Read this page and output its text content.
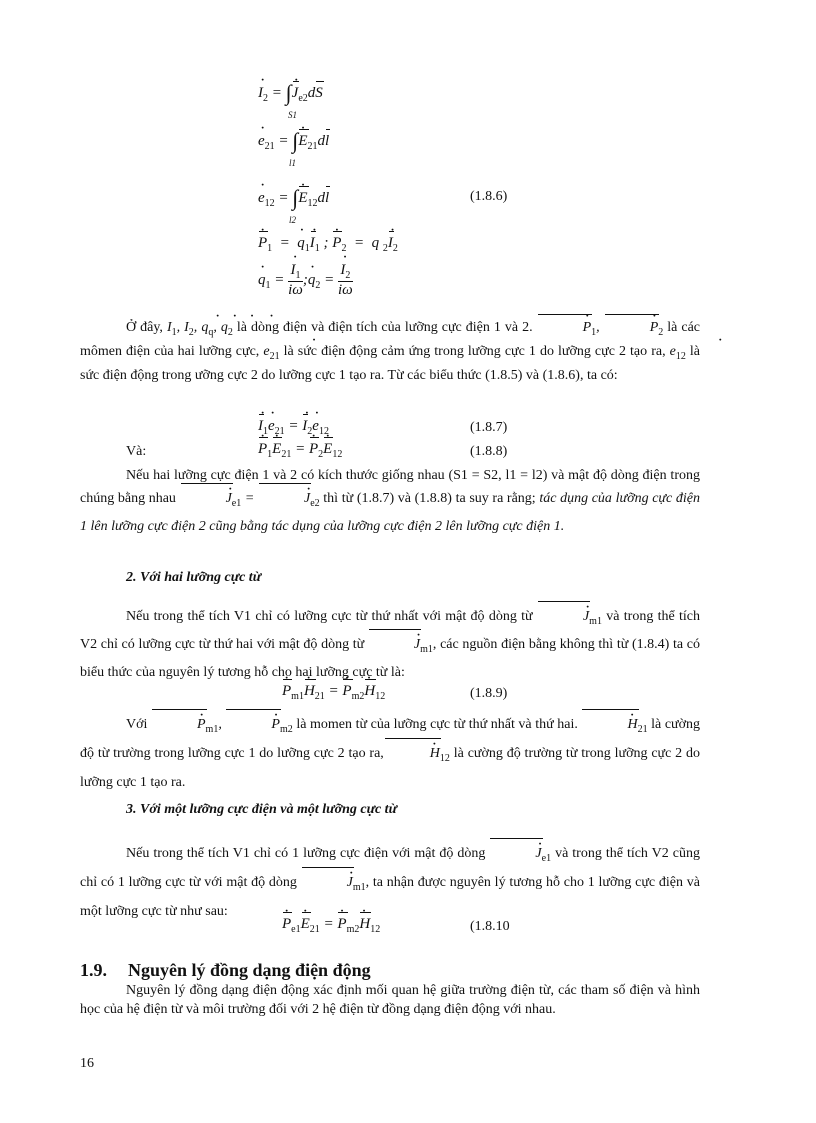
· $I_2$ = ∫· $J_{e2}dS$
S1
· $e_{21}$ = ∫· $E_{21}dl$
l1
· $e_{12}$ = ∫· $E_{12}dl$
l2
(1.8.6)
· $P_1$  =  · $q_1\cdot I_1$ ; · $P_2 = q$ $_2\cdot I_2$
· $q_1$ = · $\frac{I_1}{i\omega}$ ;· $q_2$ = · $\frac{I_2}{i\omega}$
Ở đây, · $I_1$, · $I_2$, · $q_q$, · $q_2$ là dòng điện và điện tích của lưỡng cực điện 1 và 2.	· $P_1$,	· $P_2$ là các mômen điện của hai lưỡng cực, · $e_{21}$ là sức điện động cảm ứng trong lưỡng cực 1 do lưỡng cực 2 tạo ra, · $e_{12}$ là sức điện động trong ưỡng cực 2 do lưỡng cực 1 tạo ra. Từ các biểu thức (1.8.5) và (1.8.6), ta có:
· $I_1\cdot e_{21}$ = · $I_2\cdot e_{12}$	(1.8.7)
Và:	· $P_1\cdot E_{21}$ = · $P_2\cdot E_{12}$	(1.8.8)
Nếu hai lưỡng cực điện 1 và 2 có kích thước giống nhau (S1 = S2, l1 = l2) và mật độ dòng điện trong chúng bằng nhau	· $J_{e1}$ =	· $J_{e2}$ thì từ (1.8.7) và (1.8.8) ta suy ra rằng; tác dụng của lưỡng cực điện 1 lên lưỡng cực điện 2 cũng bằng tác dụng của lưỡng cực điện 2 lên lưỡng cực điện 1.
2. Với hai lưỡng cực từ
Nếu trong thể tích V1 chỉ có lưỡng cực từ thứ nhất với mật độ dòng từ	· $J_{m1}$ và trong thể tích V2 chỉ có lưỡng cực từ thứ hai với mật độ dòng từ	· $J_{m1}$, các nguồn điện bằng không thì từ (1.8.4) ta có biểu thức của nguyên lý tương hỗ cho hai lưỡng cực từ là:
· $P_{m1}\cdot H_{21}$ = · $P_{m2}\cdot H_{12}$	(1.8.9)
Với	· $P_{m1}$,	· $P_{m2}$ là momen từ của lưỡng cực từ thứ nhất và thứ hai.	· $H_{21}$ là cường độ từ trường trong lưỡng cực 1 do lưỡng cực 2 tạo ra,	· $H_{12}$ là cường độ trường từ trong lưỡng cực 2 do lưỡng cực 1 tạo ra.
3. Với một lưỡng cực điện và một lưỡng cực từ
Nếu trong thể tích V1 chỉ có 1 lưỡng cực điện với mật độ dòng	· $J_{e1}$ và trong thể tích V2 cũng chỉ có 1 lưỡng cực từ với mật độ dòng	· $J_{m1}$, ta nhận được nguyên lý tương hỗ cho 1 lưỡng cực điện và một lưỡng cực từ như sau:
· $P_{e1}\cdot E_{21}$ = · $P_{m2}\cdot H_{12}$	(1.8.10
1.9. Nguyên lý đồng dạng điện động
Nguyên lý đồng dạng điện động xác định mối quan hệ giữa trường điện từ, các tham số điện và hình học của hệ điện từ và môi trường đối với 2 hệ điện từ đồng dạng điện động với nhau.
16
